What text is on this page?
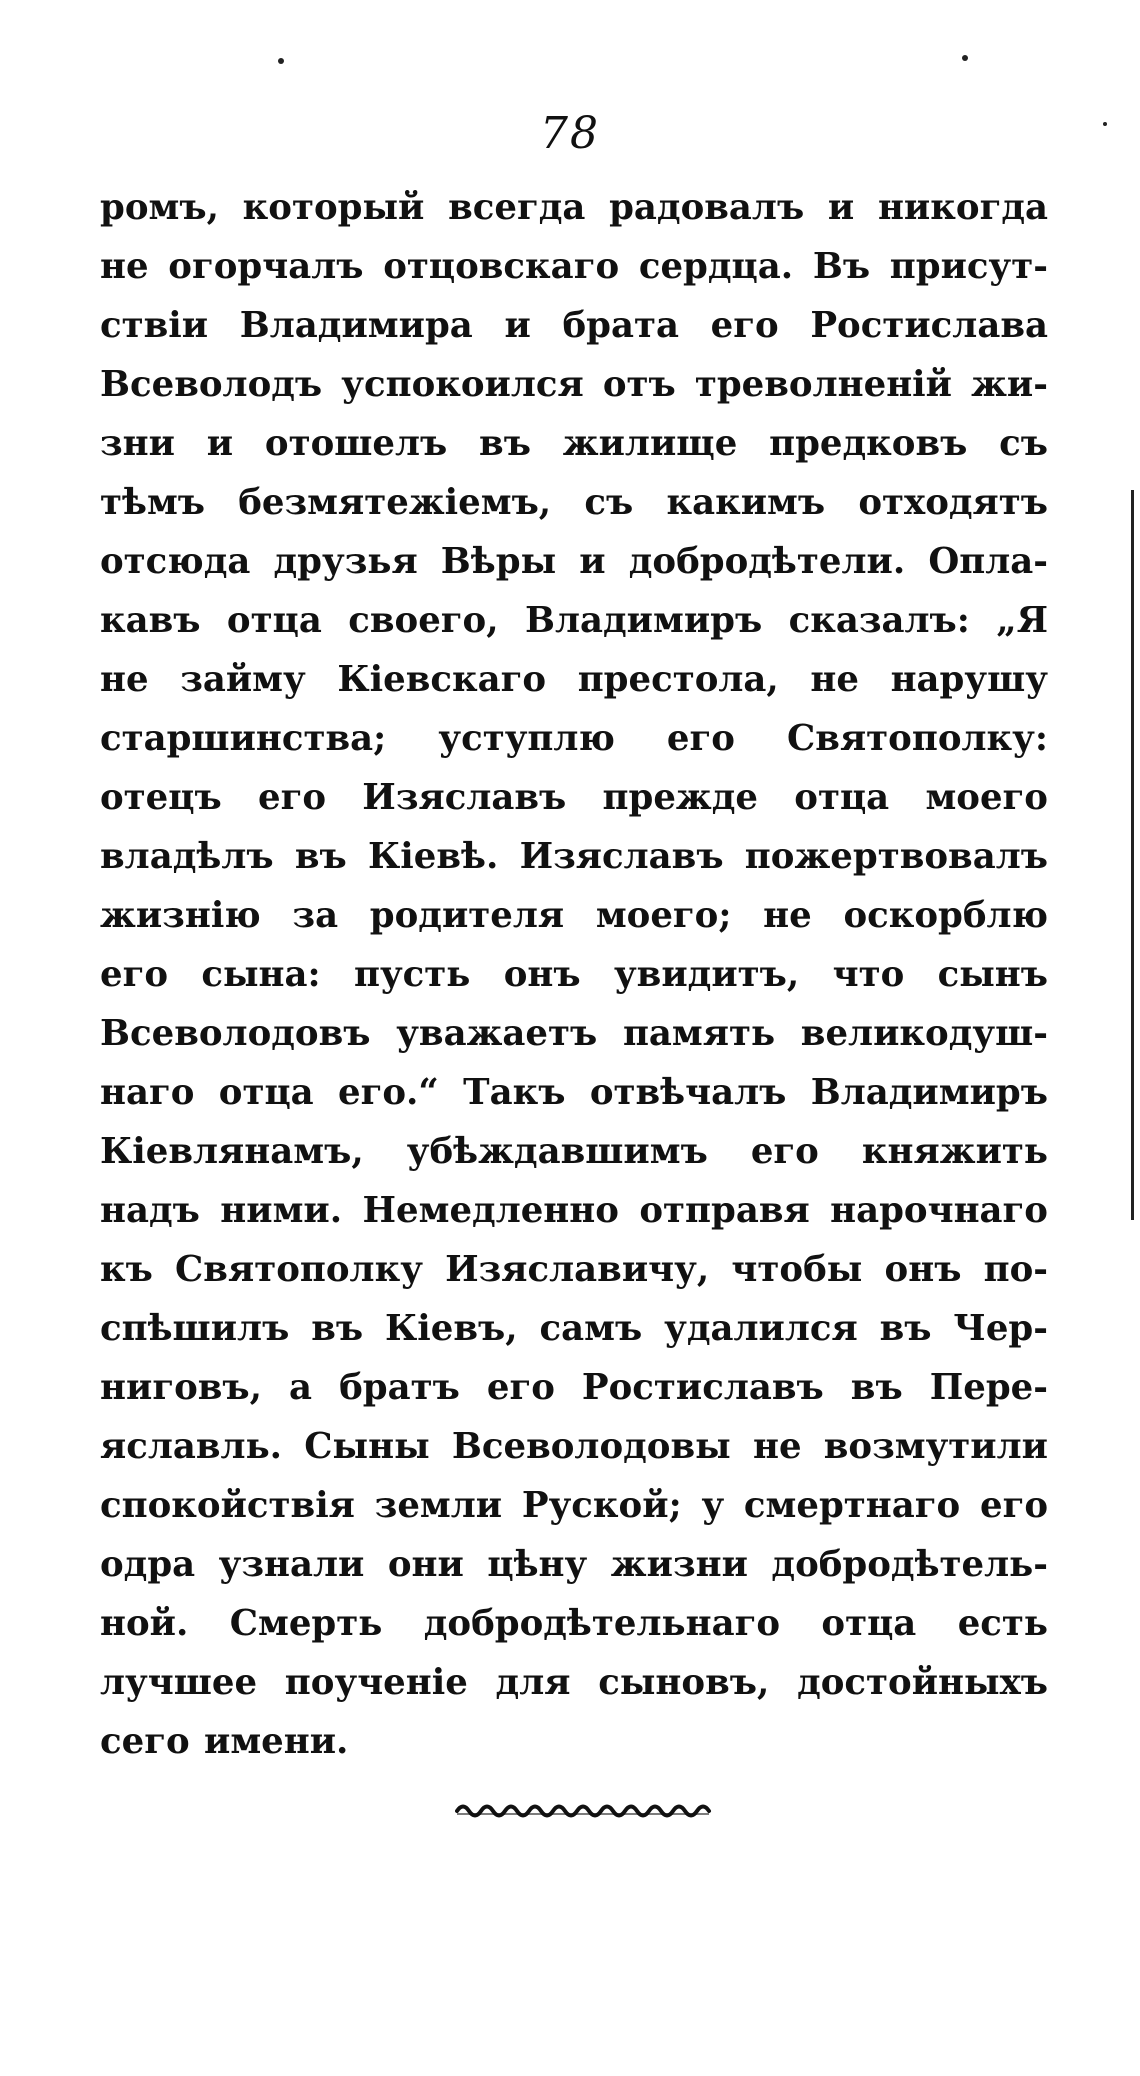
78
ромъ, который всегда радовалъ и никогда
не огорчалъ отцовскаго сердца. Въ присут-
ствіи Владимира и брата его Ростислава
Всеволодъ успокоился отъ треволненій жи-
зни и отошелъ въ жилище предковъ съ
тѣмъ безмятежіемъ, съ какимъ отходятъ
отсюда друзья Вѣры и добродѣтели. Опла-
кавъ отца своего, Владимиръ сказалъ: „Я
не займу Кіевскаго престола, не нарушу
старшинства; уступлю его Святополку:
отецъ его Изяславъ прежде отца моего
владѣлъ въ Кіевѣ. Изяславъ пожертвовалъ
жизнію за родителя моего; не оскорблю
его сына: пусть онъ увидитъ, что сынъ
Всеволодовъ уважаетъ память великодуш-
наго отца его.“ Такъ отвѣчалъ Владимиръ
Кіевлянамъ, убѣждавшимъ его княжить
надъ ними. Немедленно отправя нарочнаго
къ Святополку Изяславичу, чтобы онъ по-
спѣшилъ въ Кіевъ, самъ удалился въ Чер-
ниговъ, а братъ его Ростиславъ въ Пере-
яславль. Сыны Всеволодовы не возмутили
спокойствія земли Руской; у смертнаго его
одра узнали они цѣну жизни добродѣтель-
ной. Смерть добродѣтельнаго отца есть
лучшее поученіе для сыновъ, достойныхъ
сего имени.
